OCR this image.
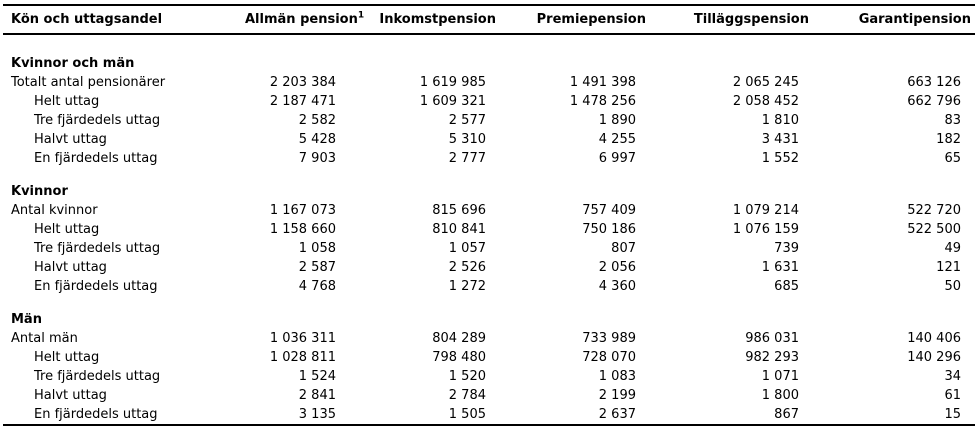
Kön och uttagsandel	Allmän pension$^1$	Inkomstpension	Premiepension	Tilläggspension	Garantipension

Kvinnor och män					
Totalt antal pensionärer	2 203 384	1 619 985	1 491 398	2 065 245	663 126
Helt uttag	2 187 471	1 609 321	1 478 256	2 058 452	662 796
Tre fjärdedels uttag	2 582	2 577	1 890	1 810	83
Halvt uttag	5 428	5 310	4 255	3 431	182
En fjärdedels uttag	7 903	2 777	6 997	1 552	65

Kvinnor					
Antal kvinnor	1 167 073	815 696	757 409	1 079 214	522 720
Helt uttag	1 158 660	810 841	750 186	1 076 159	522 500
Tre fjärdedels uttag	1 058	1 057	807	739	49
Halvt uttag	2 587	2 526	2 056	1 631	121
En fjärdedels uttag	4 768	1 272	4 360	685	50

Män					
Antal män	1 036 311	804 289	733 989	986 031	140 406
Helt uttag	1 028 811	798 480	728 070	982 293	140 296
Tre fjärdedels uttag	1 524	1 520	1 083	1 071	34
Halvt uttag	2 841	2 784	2 199	1 800	61
En fjärdedels uttag	3 135	1 505	2 637	867	15
